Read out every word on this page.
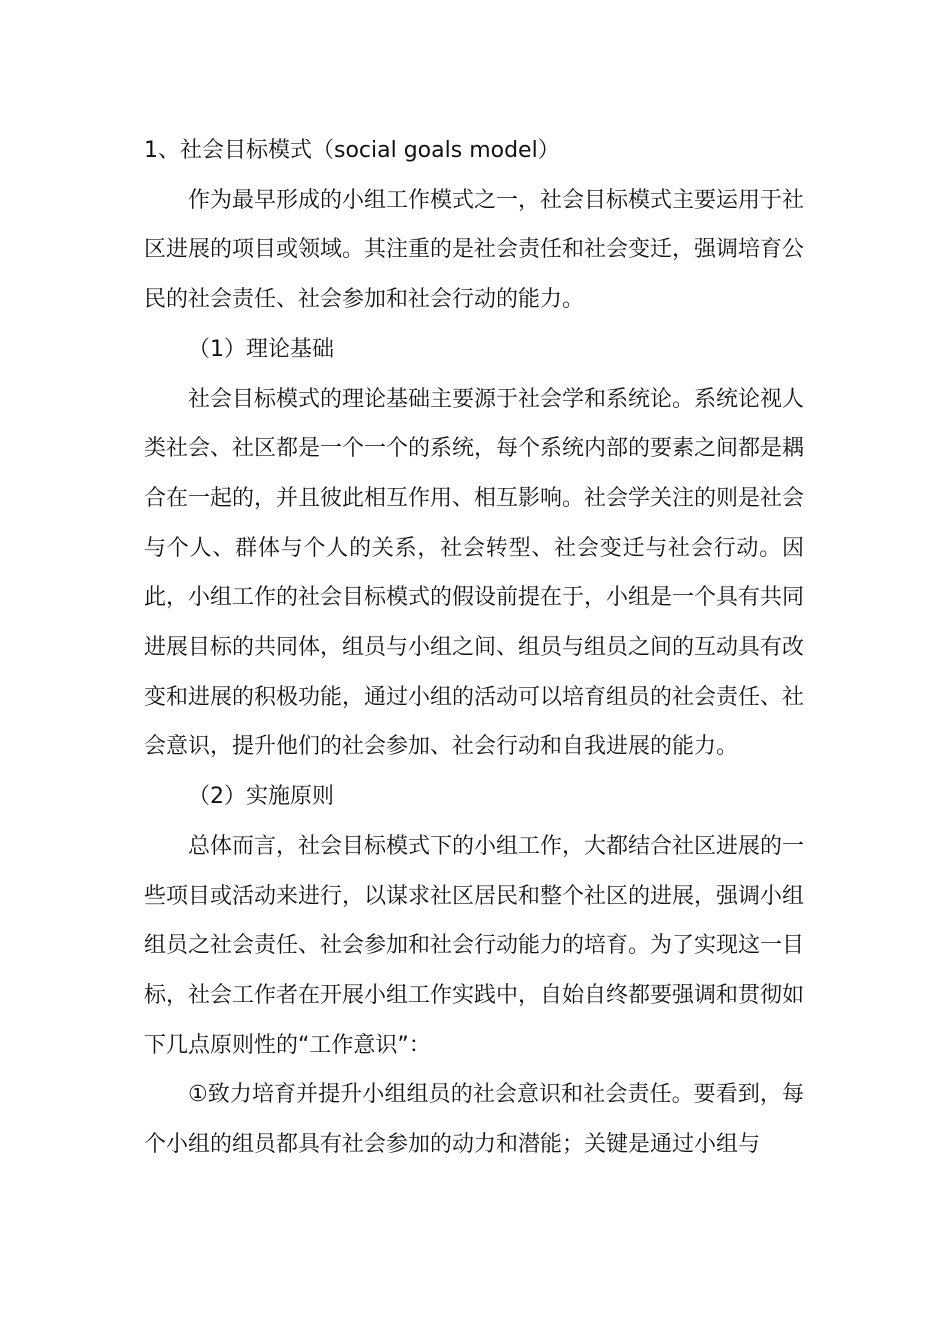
1、社会目标模式（social goals model）

作为最早形成的小组工作模式之一，社会目标模式主要运用于社区进展的项目或领域。其注重的是社会责任和社会变迁，强调培育公民的社会责任、社会参加和社会行动的能力。

（1）理论基础

社会目标模式的理论基础主要源于社会学和系统论。系统论视人类社会、社区都是一个一个的系统，每个系统内部的要素之间都是耦合在一起的，并且彼此相互作用、相互影响。社会学关注的则是社会与个人、群体与个人的关系，社会转型、社会变迁与社会行动。因此，小组工作的社会目标模式的假设前提在于，小组是一个具有共同进展目标的共同体，组员与小组之间、组员与组员之间的互动具有改变和进展的积极功能，通过小组的活动可以培育组员的社会责任、社会意识，提升他们的社会参加、社会行动和自我进展的能力。

（2）实施原则

总体而言，社会目标模式下的小组工作，大都结合社区进展的一些项目或活动来进行，以谋求社区居民和整个社区的进展，强调小组组员之社会责任、社会参加和社会行动能力的培育。为了实现这一目标，社会工作者在开展小组工作实践中，自始自终都要强调和贯彻如下几点原则性的“工作意识”：

①致力培育并提升小组组员的社会意识和社会责任。要看到，每个小组的组员都具有社会参加的动力和潜能；关键是通过小组与
